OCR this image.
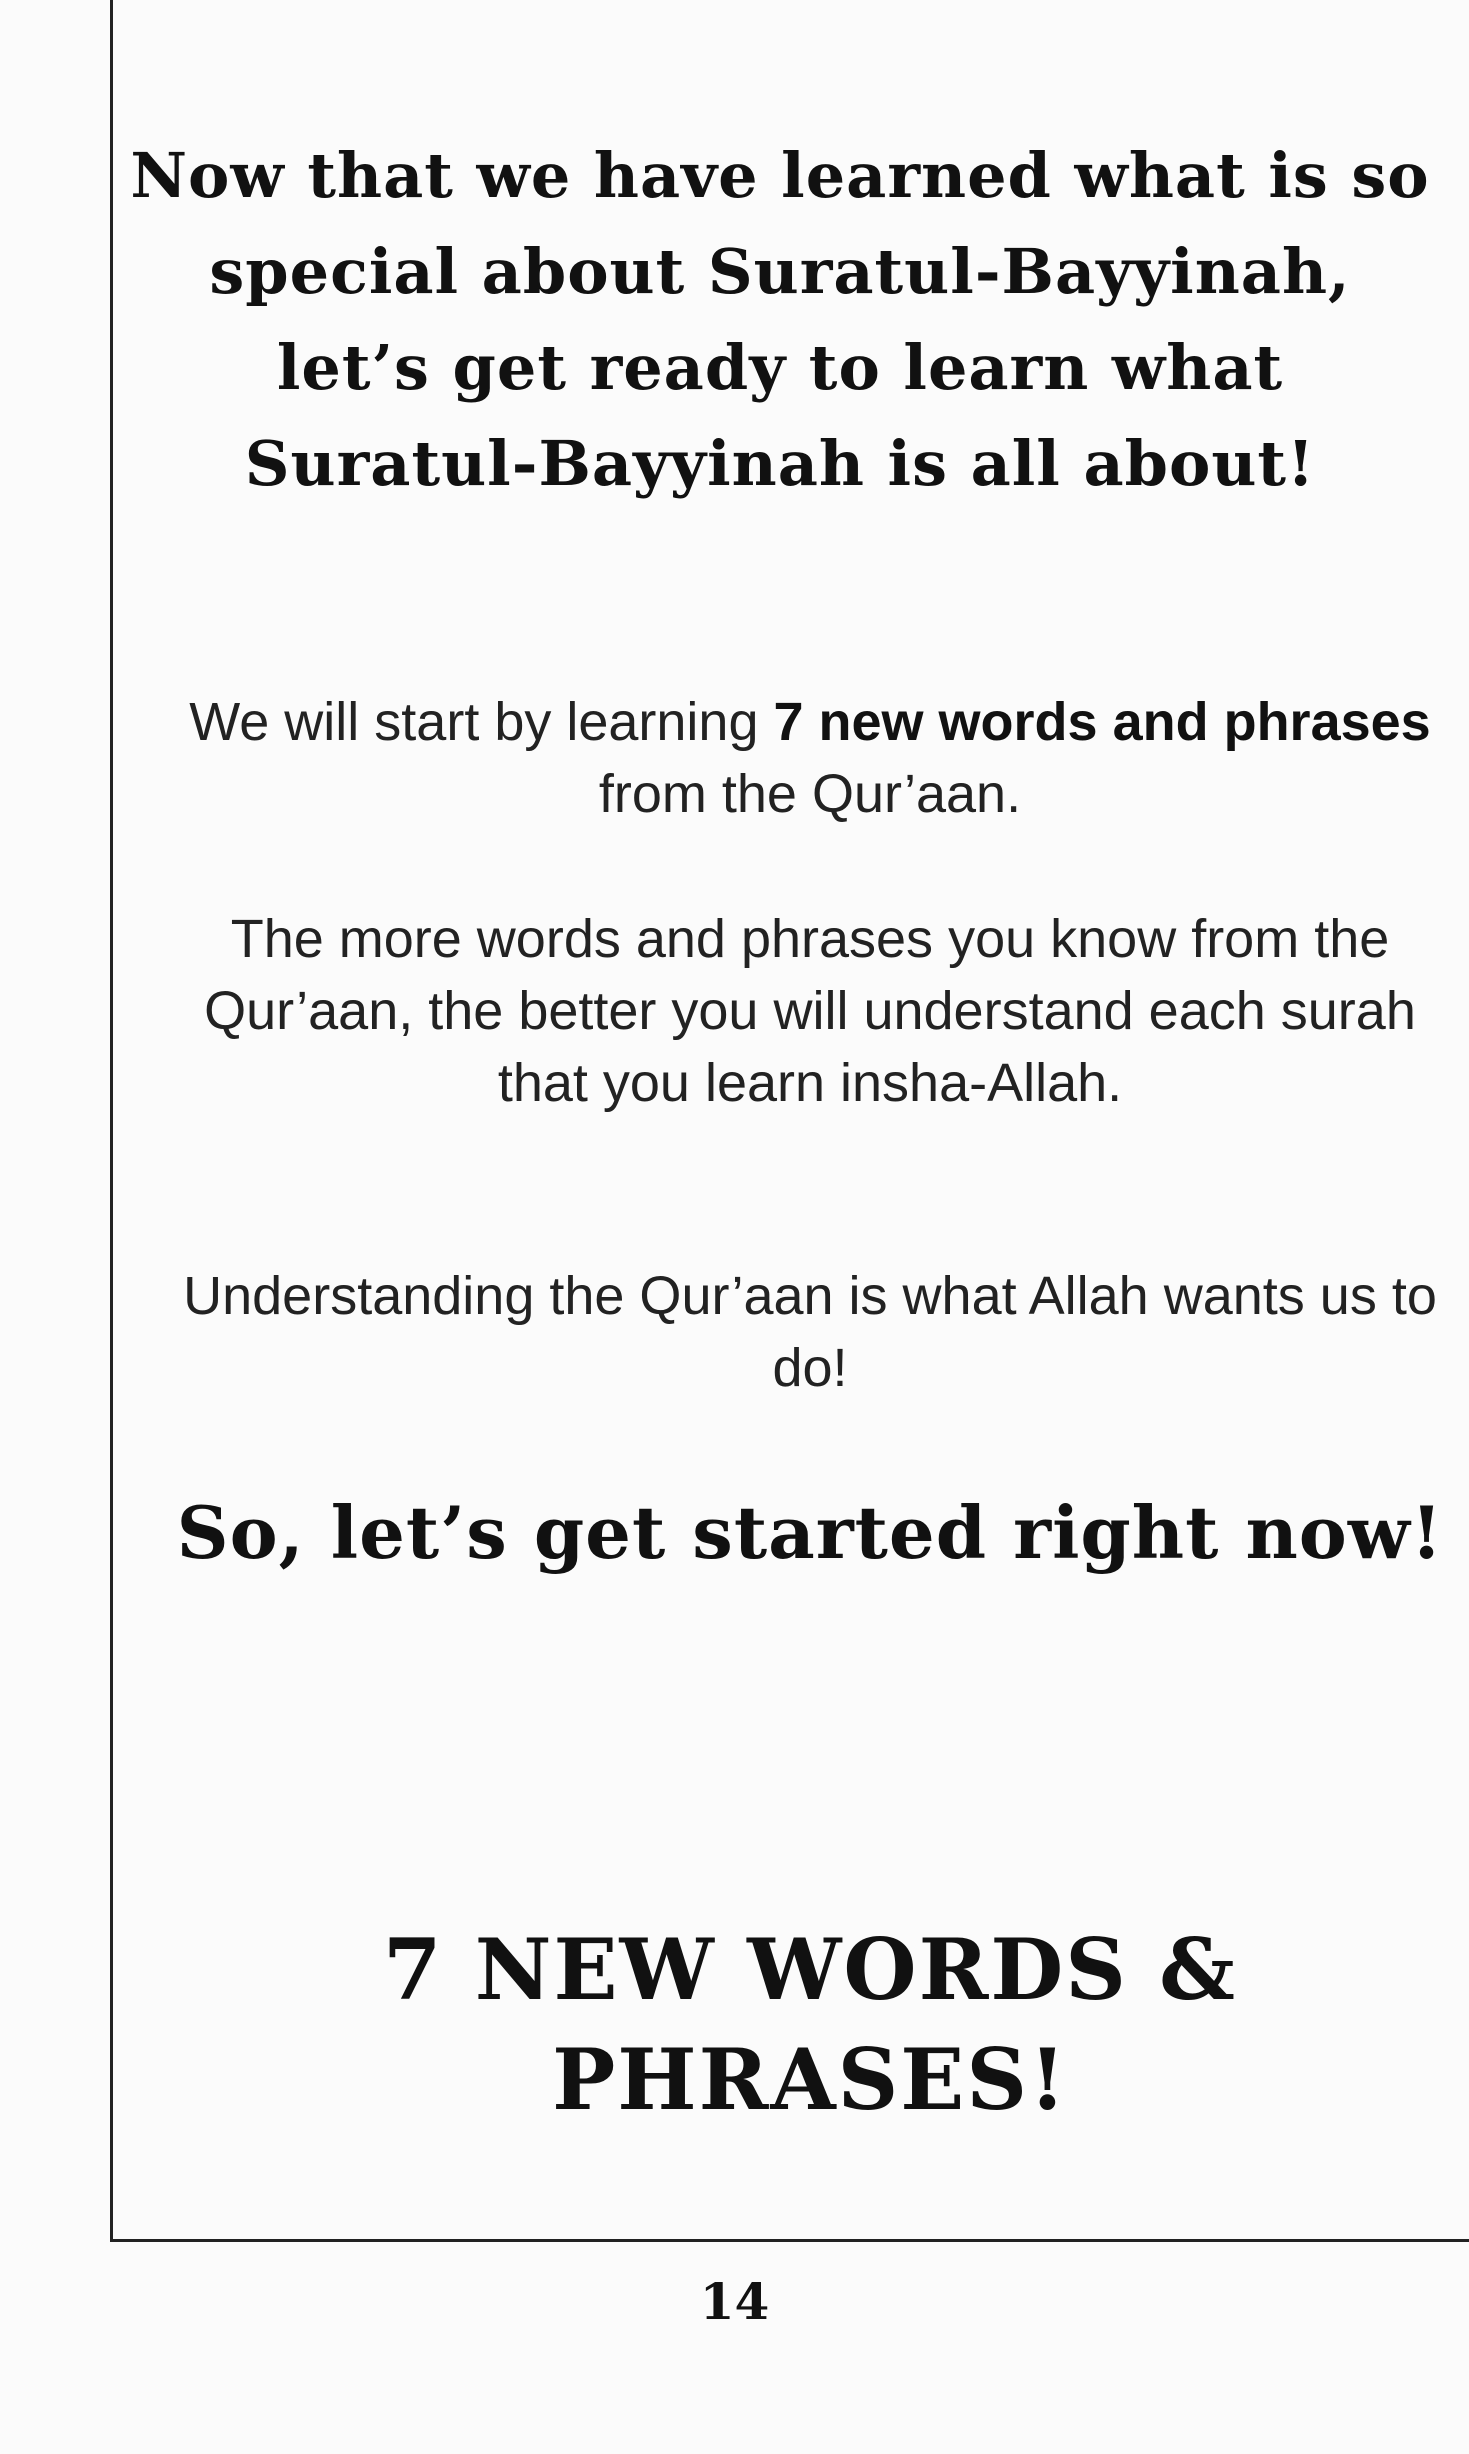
Now that we have learned what is so special about Suratul-Bayyinah, let’s get ready to learn what Suratul-Bayyinah is all about!

We will start by learning 7 new words and phrases from the Qur’aan.

The more words and phrases you know from the Qur’aan, the better you will understand each surah that you learn insha-Allah.

Understanding the Qur’aan is what Allah wants us to do!

So, let’s get started right now!
7 NEW WORDS & PHRASES!
14
